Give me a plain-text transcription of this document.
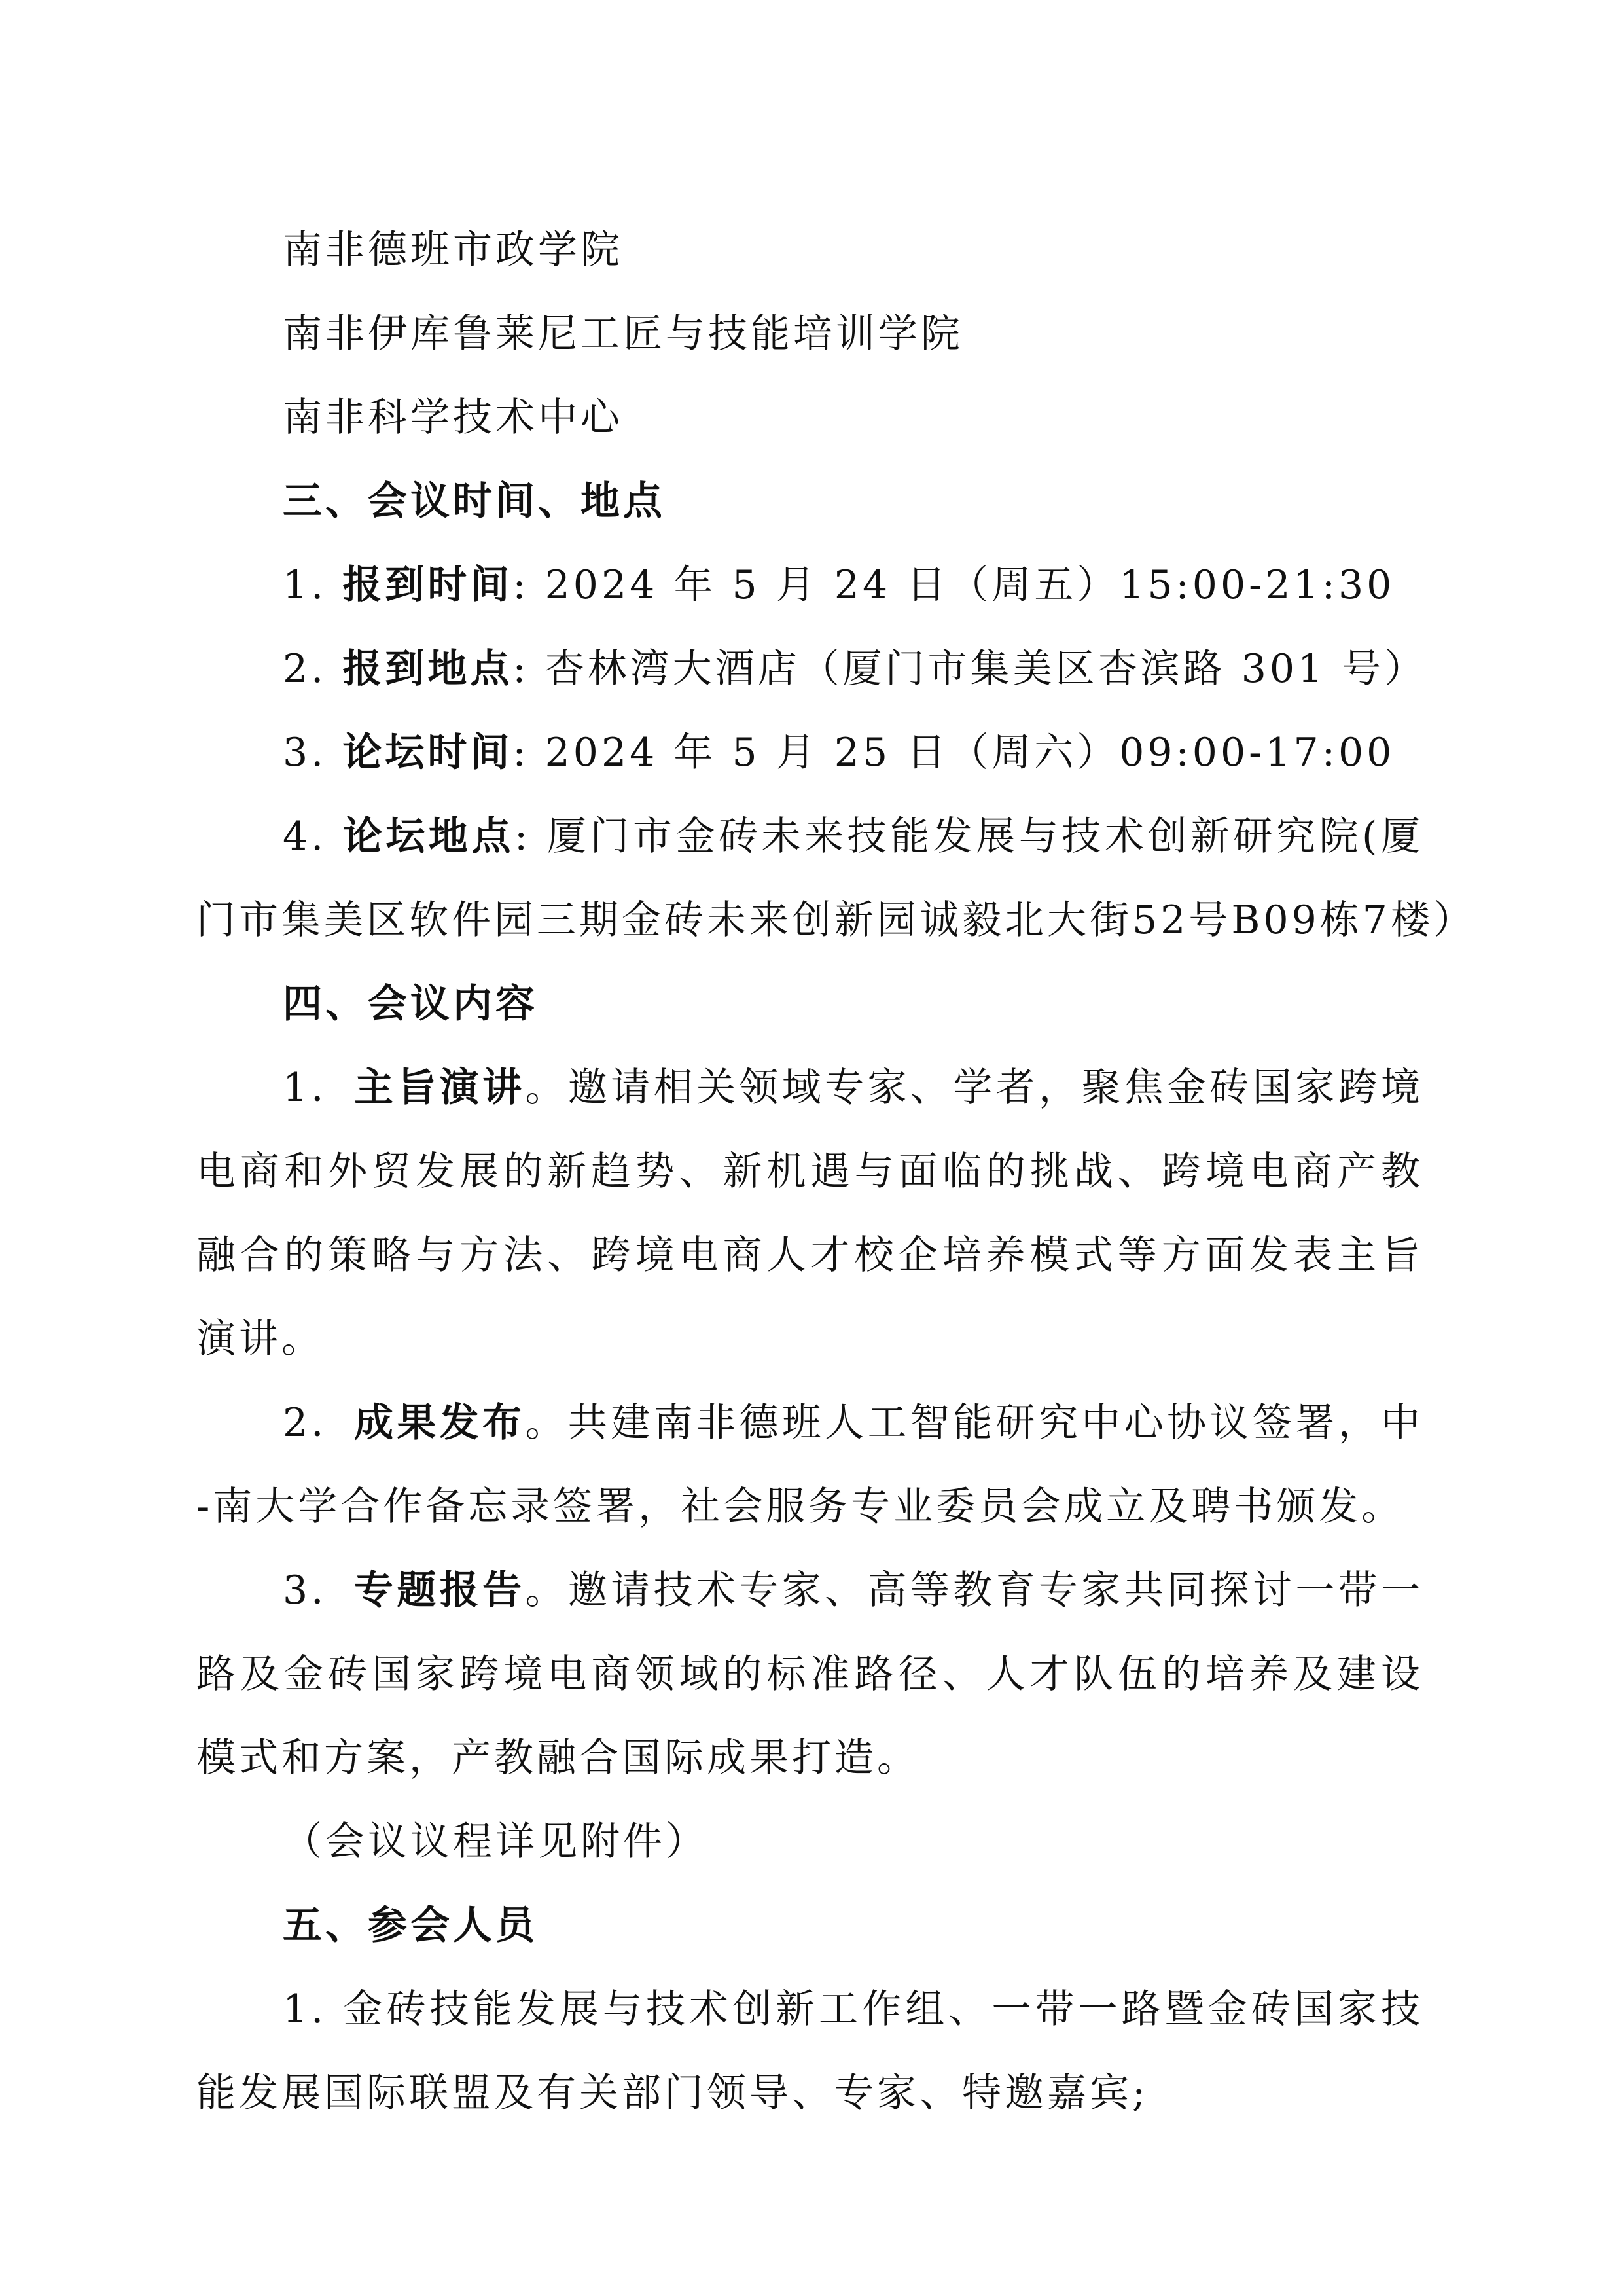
南非德班市政学院
南非伊库鲁莱尼工匠与技能培训学院
南非科学技术中心
三、会议时间、地点
1. 报到时间: 2024 年 5 月 24 日（周五）15:00-21:30
2. 报到地点: 杏林湾大酒店（厦门市集美区杏滨路 301 号）
3. 论坛时间: 2024 年 5 月 25 日（周六）09:00-17:00
4. 论坛地点: 厦门市金砖未来技能发展与技术创新研究院(厦
门市集美区软件园三期金砖未来创新园诚毅北大街52号B09栋7楼）
四、会议内容
1．主旨演讲。邀请相关领域专家、学者，聚焦金砖国家跨境
电商和外贸发展的新趋势、新机遇与面临的挑战、跨境电商产教
融合的策略与方法、跨境电商人才校企培养模式等方面发表主旨
演讲。
2．成果发布。共建南非德班人工智能研究中心协议签署，中
-南大学合作备忘录签署，社会服务专业委员会成立及聘书颁发。
3．专题报告。邀请技术专家、高等教育专家共同探讨一带一
路及金砖国家跨境电商领域的标准路径、人才队伍的培养及建设
模式和方案，产教融合国际成果打造。
（会议议程详见附件）
五、参会人员
1. 金砖技能发展与技术创新工作组、一带一路暨金砖国家技
能发展国际联盟及有关部门领导、专家、特邀嘉宾;
